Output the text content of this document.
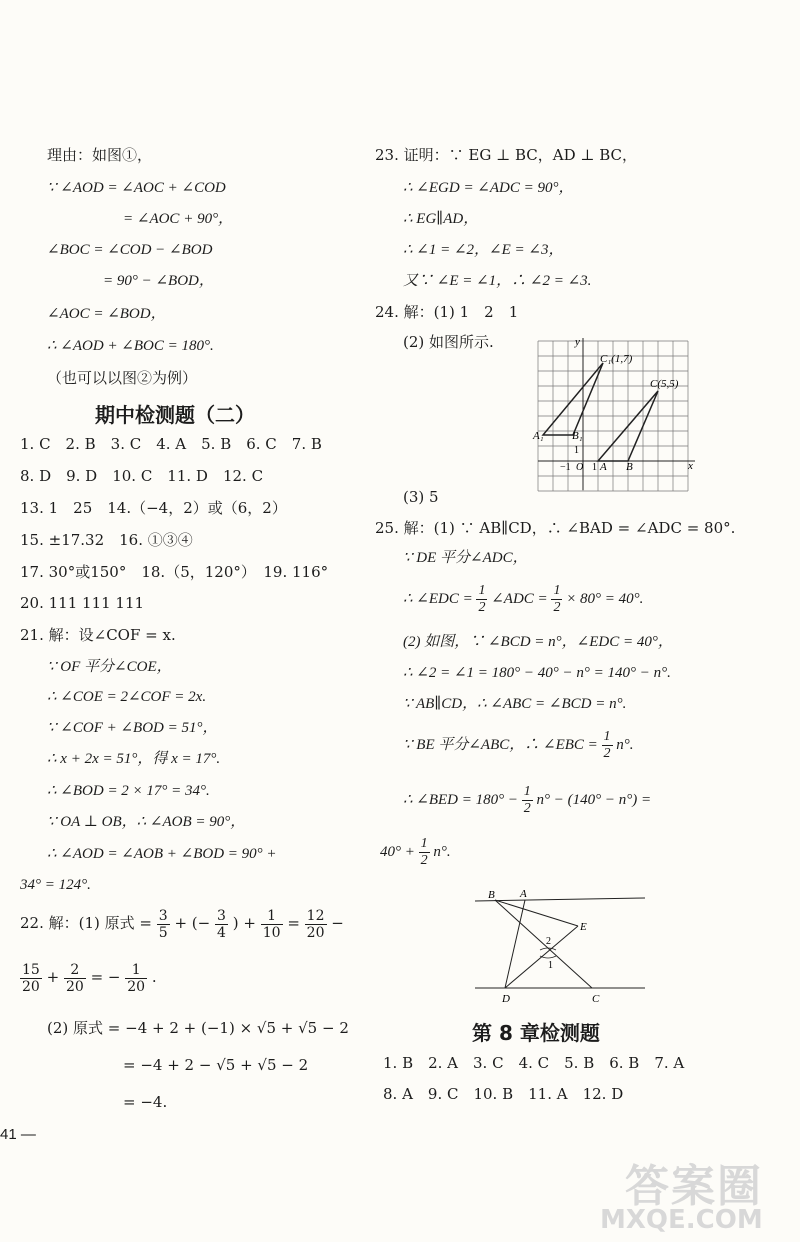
理由：如图①，
∵ ∠AOD = ∠AOC + ∠COD
= ∠AOC + 90°，
∠BOC = ∠COD − ∠BOD
= 90° − ∠BOD，
∠AOC = ∠BOD，
∴ ∠AOD + ∠BOC = 180°.
（也可以以图②为例）
期中检测题（二）
1. C　2. B　3. C　4. A　5. B　6. C　7. B
8. D　9. D　10. C　11. D　12. C
13. 1　25　14.（−4，2）或（6，2）
15. ±17.32　16. ①③④
17. 30°或150°　18.（5，120°）　19. 116°
20. 111 111 111
21. 解：设∠COF = x.
∵ OF 平分∠COE，
∴ ∠COE = 2∠COF = 2x.
∵ ∠COF + ∠BOD = 51°，
∴ x + 2x = 51°，得 x = 17°.
∴ ∠BOD = 2 × 17° = 34°.
∵ OA ⊥ OB，∴ ∠AOB = 90°，
∴ ∠AOD = ∠AOB + ∠BOD = 90° +
34° = 124°.
22. 解：(1) 原式 = $\frac{3}{5}$ + (− $\frac{3}{4}$ ) + $\frac{1}{10} = \frac{12}{20}$ −
$\frac{15}{20} + \frac{2}{20}$ = − $\frac{1}{20}$ .
(2) 原式 = −4 + 2 + (−1) × √5 + √5 − 2
= −4 + 2 − √5 + √5 − 2
= −4.
41 —
23. 证明：∵ EG ⊥ BC，AD ⊥ BC，
∴ ∠EGD = ∠ADC = 90°，
∴ EG∥AD，
∴ ∠1 = ∠2，∠E = ∠3，
又∵ ∠E = ∠1，∴ ∠2 = ∠3.
24. 解：(1) 1　2　1
(2) 如图所示.	y
x
C₁(1,7)
C(5,5)
A₁	B₁
1
−1 O 1 A B
(3) 5
25. 解：(1) ∵ AB∥CD，∴ ∠BAD = ∠ADC = 80°.
∵ DE 平分∠ADC，
∴ ∠EDC = $\frac{1}{2}$ ∠ADC = $\frac{1}{2} \times 80^\circ = 40^\circ$.
(2) 如图，∵ ∠BCD = n°，∠EDC = 40°，
∴ ∠2 = ∠1 = 180° − 40° − n° = 140° − n°.
∵ AB∥CD，∴ ∠ABC = ∠BCD = n°.
∵ BE 平分∠ABC，∴ ∠EBC = $\frac{1}{2} n^\circ$.
∴ ∠BED = $180^\circ - \frac{1}{2} n^\circ - (140^\circ - n^\circ)$ =
$40^\circ + \frac{1}{2} n^\circ$.
B A
E
2
1
D	C
第 8 章检测题
1. B　2. A　3. C　4. C　5. B　6. B　7. A
8. A　9. C　10. B　11. A　12. D
答案圈
MXQE.COM
